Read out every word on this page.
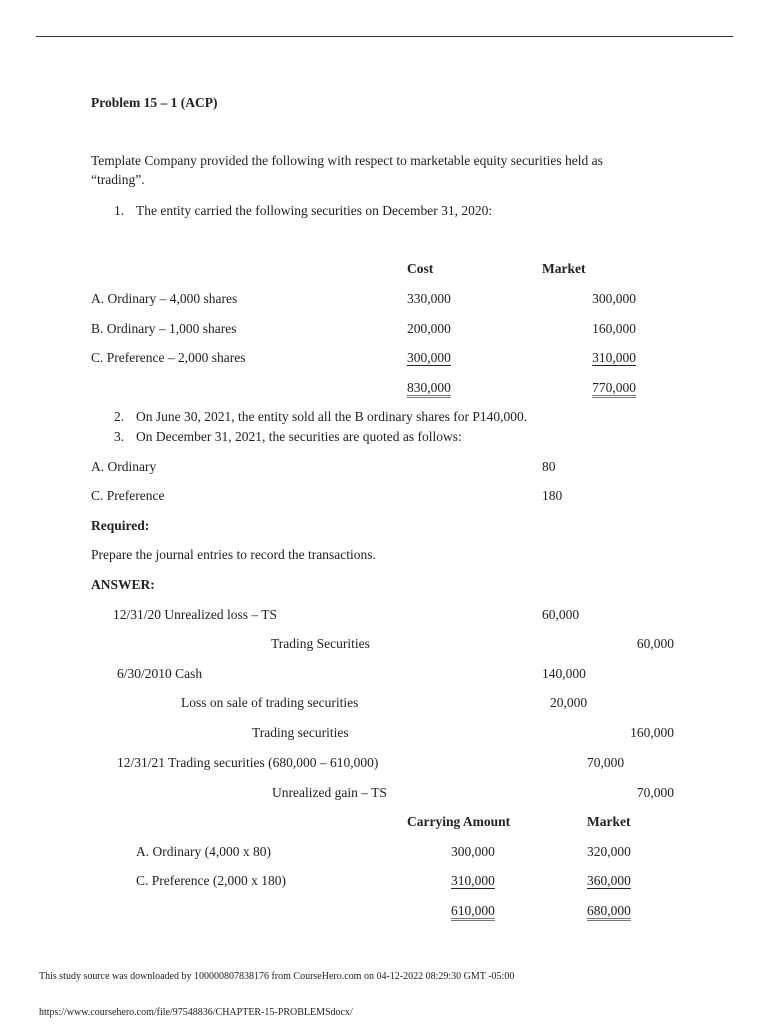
Problem 15 – 1 (ACP)
Template Company provided the following with respect to marketable equity securities held as
“trading”.
1. The entity carried the following securities on December 31, 2020:
Cost	Market
A. Ordinary – 4,000 shares	330,000	300,000
B. Ordinary – 1,000 shares	200,000	160,000
C. Preference – 2,000 shares	300,000	310,000
830,000	770,000
2. On June 30, 2021, the entity sold all the B ordinary shares for P140,000.
3. On December 31, 2021, the securities are quoted as follows:
A. Ordinary	80
C. Preference	180
Required:
Prepare the journal entries to record the transactions.
ANSWER:
12/31/20 Unrealized loss – TS	60,000
Trading Securities	60,000
6/30/2010 Cash	140,000
Loss on sale of trading securities	20,000
Trading securities	160,000
12/31/21 Trading securities (680,000 – 610,000)	70,000
Unrealized gain – TS	70,000
Carrying Amount	Market
A. Ordinary (4,000 x 80)	300,000	320,000
C. Preference (2,000 x 180)	310,000	360,000
610,000	680,000
This study source was downloaded by 100000807838176 from CourseHero.com on 04-12-2022 08:29:30 GMT -05:00
https://www.coursehero.com/file/97548836/CHAPTER-15-PROBLEMSdocx/
